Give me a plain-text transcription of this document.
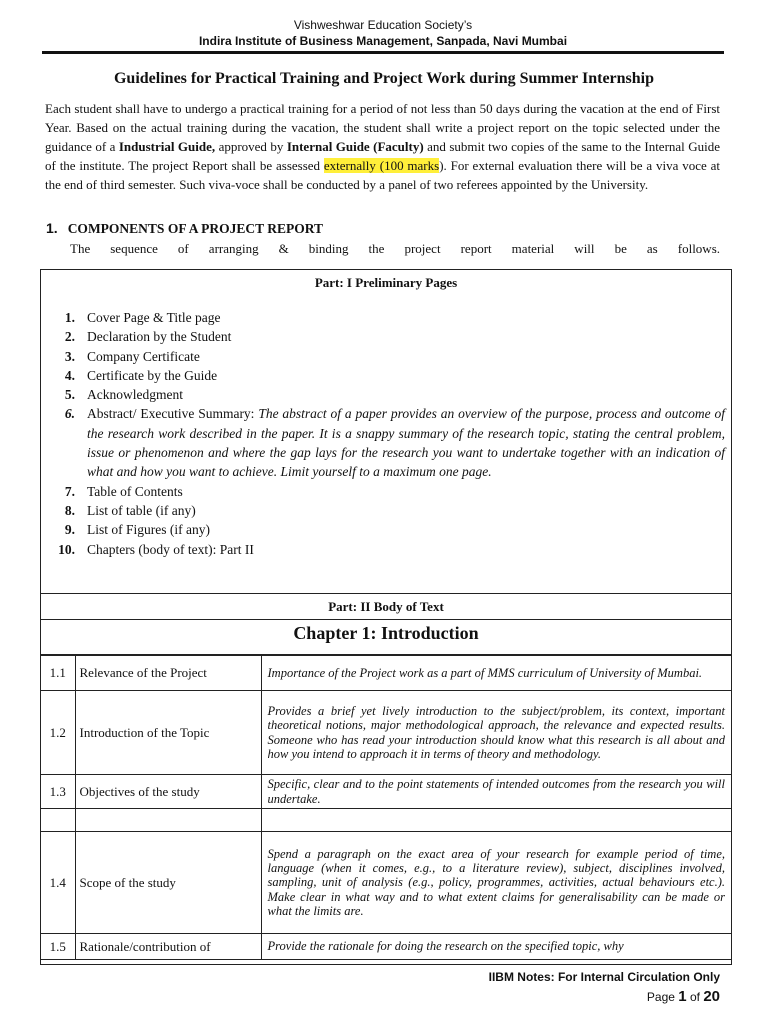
Vishweshwar Education Society’s
Indira Institute of Business Management, Sanpada, Navi Mumbai
Guidelines for Practical Training and Project Work during Summer Internship

Each student shall have to undergo a practical training for a period of not less than 50 days during the vacation at the end of First Year. Based on the actual training during the vacation, the student shall write a project report on the topic selected under the guidance of a Industrial Guide, approved by Internal Guide (Faculty) and submit two copies of the same to the Internal Guide of the institute. The project Report shall be assessed externally (100 marks). For external evaluation there will be a viva voce at the end of third semester. Such viva-voce shall be conducted by a panel of two referees appointed by the University.

1. COMPONENTS OF A PROJECT REPORT
The sequence of arranging & binding the project report material will be as follows.
Part: I Preliminary Pages
1. Cover Page & Title page
2. Declaration by the Student
3. Company Certificate
4. Certificate by the Guide
5. Acknowledgment
6. Abstract/ Executive Summary: The abstract of a paper provides an overview of the purpose, process and outcome of the research work described in the paper. It is a snappy summary of the research topic, stating the central problem, issue or phenomenon and where the gap lays for the research you want to undertake together with an indication of what and how you want to achieve. Limit yourself to a maximum one page.
7. Table of Contents
8. List of table (if any)
9. List of Figures (if any)
10. Chapters (body of text): Part II
Part: II Body of Text
Chapter 1: Introduction
1.1	Relevance of the Project	Importance of the Project work as a part of MMS curriculum of University of Mumbai.
1.2	Introduction of the Topic	Provides a brief yet lively introduction to the subject/problem, its context, important theoretical notions, major methodological approach, the relevance and expected results. Someone who has read your introduction should know what this research is all about and how you intend to approach it in terms of theory and methodology.
1.3	Objectives of the study	Specific, clear and to the point statements of intended outcomes from the research you will undertake.

1.4	Scope of the study	Spend a paragraph on the exact area of your research for example period of time, language (when it comes, e.g., to a literature review), subject, disciplines involved, sampling, unit of analysis (e.g., policy, programmes, activities, actual behaviours etc.). Make clear in what way and to what extent claims for generalisability can be made or what the limits are.
1.5	Rationale/contribution of	Provide the rationale for doing the research on the specified topic, why
IIBM Notes: For Internal Circulation Only
Page 1 of 20
